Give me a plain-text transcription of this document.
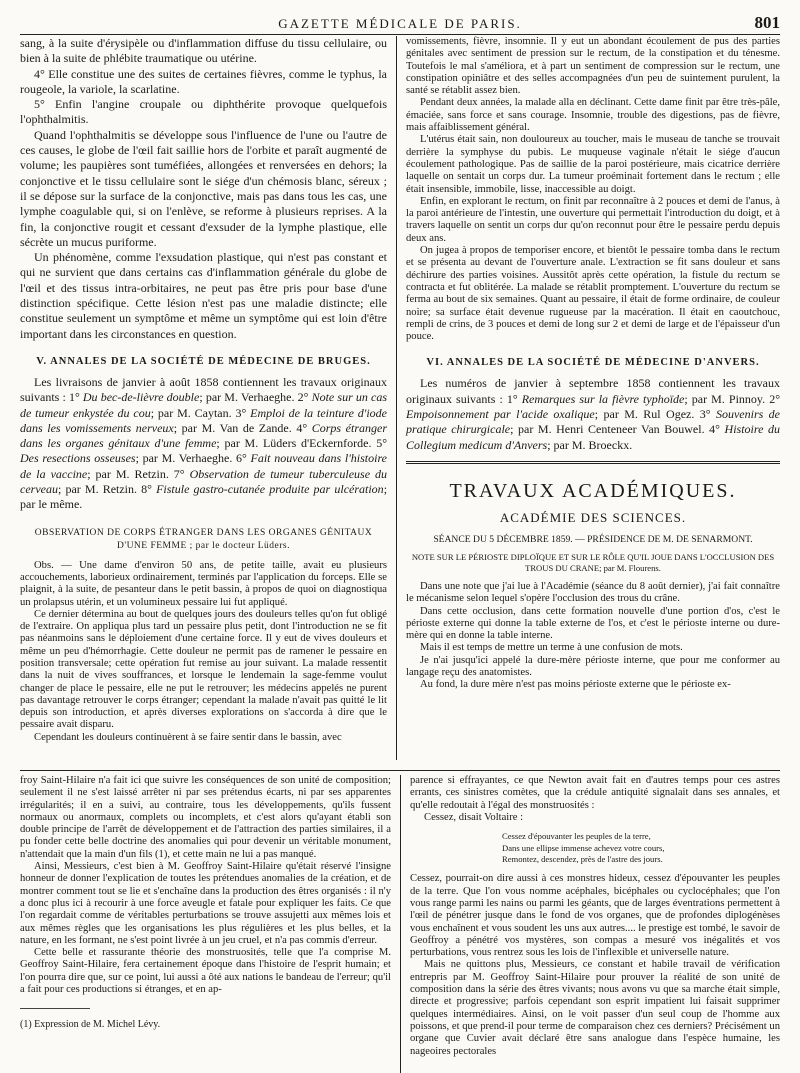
GAZETTE MÉDICALE DE PARIS.	801

sang, à la suite d'érysipèle ou d'inflammation diffuse du tissu cellulaire, ou bien à la suite de phlébite traumatique ou utérine.

4° Elle constitue une des suites de certaines fièvres, comme le typhus, la rougeole, la variole, la scarlatine.

5° Enfin l'angine croupale ou diphthérite provoque quelquefois l'ophthalmitis.

Quand l'ophthalmitis se développe sous l'influence de l'une ou l'autre de ces causes, le globe de l'œil fait saillie hors de l'orbite et paraît augmenté de volume; les paupières sont tuméfiées, allongées et renversées en dehors; la conjonctive et le tissu cellulaire sont le siége d'un chémosis blanc, séreux ; il se dépose sur la surface de la conjonctive, mais pas dans tous les cas, une lymphe coagulable qui, si on l'enlève, se reforme à plusieurs reprises. A la fin, la conjonctive rougit et cessant d'exsuder de la lymphe plastique, elle sécrète un mucus puriforme.

Un phénomène, comme l'exsudation plastique, qui n'est pas constant et qui ne survient que dans certains cas d'inflammation générale du globe de l'œil et des tissus intra-orbitaires, ne peut pas être pris pour base d'une distinction spécifique. Cette lésion n'est pas une maladie distincte; elle constitue seulement un symptôme et même un symptôme qui est loin d'être important dans les circonstances en question.

V. ANNALES DE LA SOCIÉTÉ DE MÉDECINE DE BRUGES.

Les livraisons de janvier à août 1858 contiennent les travaux originaux suivants : 1° Du bec-de-lièvre double; par M. Verhaeghe. 2° Note sur un cas de tumeur enkystée du cou; par M. Caytan. 3° Emploi de la teinture d'iode dans les vomissements nerveux; par M. Van de Zande. 4° Corps étranger dans les organes génitaux d'une femme; par M. Lüders d'Eckernforde. 5° Des resections osseuses; par M. Verhaeghe. 6° Fait nouveau dans l'histoire de la vaccine; par M. Retzin. 7° Observation de tumeur tuberculeuse du cerveau; par M. Retzin. 8° Fistule gastro-cutanée produite par ulcération; par le même.

OBSERVATION DE CORPS ÉTRANGER DANS LES ORGANES GÉNITAUX D'UNE FEMME ; par le docteur Lüders.

Obs. — Une dame d'environ 50 ans, de petite taille, avait eu plusieurs accouchements, laborieux ordinairement, terminés par l'application du forceps. Elle se plaignit, à la suite, de pesanteur dans le petit bassin, à propos de quoi on diagnostiqua un prolapsus utérin, et un volumineux pessaire lui fut appliqué.

Ce dernier détermina au bout de quelques jours des douleurs telles qu'on fut obligé de l'extraire. On appliqua plus tard un pessaire plus petit, dont l'introduction ne se fit pas néanmoins sans le déploiement d'une certaine force. Il y eut de vives douleurs et même un peu d'hémorrhagie. Cette douleur ne permit pas de ramener le pessaire en position transversale; cette opération fut remise au jour suivant. La malade ressentit dans la nuit de vives souffrances, et lorsque le lendemain la sage-femme voulut changer de place le pessaire, elle ne put le retrouver; les médecins appelés ne purent pas davantage retrouver le corps étranger; cependant la malade n'avait pas quitté le lit depuis son introduction, et après diverses explorations on s'accorda à dire que le pessaire avait disparu.

Cependant les douleurs continuèrent à se faire sentir dans le bassin, avec

vomissements, fièvre, insomnie. Il y eut un abondant écoulement de pus des parties génitales avec sentiment de pression sur le rectum, de la constipation et du ténesme. Toutefois le mal s'améliora, et à part un sentiment de compression sur le rectum, une constipation opiniâtre et des selles accompagnées d'un peu de suintement purulent, la santé se rétablit assez bien.

Pendant deux années, la malade alla en déclinant. Cette dame finit par être très-pâle, émaciée, sans force et sans courage. Insomnie, trouble des digestions, pas de fièvre, mais affaiblissement général.

L'utérus était sain, non douloureux au toucher, mais le museau de tanche se trouvait derrière la symphyse du pubis. Le muqueuse vaginale n'était le siége d'aucun écoulement pathologique. Pas de saillie de la paroi postérieure, mais cicatrice derrière laquelle on sentait un corps dur. La tumeur proéminait fortement dans le rectum ; elle était insensible, immobile, lisse, inaccessible au doigt.

Enfin, en explorant le rectum, on finit par reconnaître à 2 pouces et demi de l'anus, à la paroi antérieure de l'intestin, une ouverture qui permettait l'introduction du doigt, et à travers laquelle on sentit un corps dur qu'on reconnut pour être le pessaire perdu depuis deux ans.

On jugea à propos de temporiser encore, et bientôt le pessaire tomba dans le rectum et se présenta au devant de l'ouverture anale. L'extraction se fit sans douleur et sans déchirure des parties voisines. Aussitôt après cette opération, la fistule du rectum se contracta et fut oblitérée. La malade se rétablit promptement. L'ouverture du rectum se ferma au bout de six semaines. Quant au pessaire, il était de forme ordinaire, de couleur noire; sa surface était devenue rugueuse par la macération. Il était en caoutchouc, rempli de crins, de 3 pouces et demi de long sur 2 et demi de large et de l'épaisseur d'un pouce.

VI. ANNALES DE LA SOCIÉTÉ DE MÉDECINE D'ANVERS.

Les numéros de janvier à septembre 1858 contiennent les travaux originaux suivants : 1° Remarques sur la fièvre typhoïde; par M. Pinnoy. 2° Empoisonnement par l'acide oxalique; par M. Rul Ogez. 3° Souvenirs de pratique chirurgicale; par M. Henri Centeneer Van Bouwel. 4° Histoire du Collegium medicum d'Anvers; par M. Broeckx.

TRAVAUX ACADÉMIQUES.
ACADÉMIE DES SCIENCES.
SÉANCE DU 5 DÉCEMBRE 1859. — PRÉSIDENCE DE M. DE SENARMONT.
NOTE SUR LE PÉRIOSTE DIPLOÏQUE ET SUR LE RÔLE QU'IL JOUE DANS L'OCCLUSION DES TROUS DU CRANE; par M. Flourens.

Dans une note que j'ai lue à l'Académie (séance du 8 août dernier), j'ai fait connaître le mécanisme selon lequel s'opère l'occlusion des trous du crâne.

Dans cette occlusion, dans cette formation nouvelle d'une portion d'os, c'est le périoste externe qui donne la table externe de l'os, et c'est le périoste interne ou dure-mère qui en donne la table interne.

Mais il est temps de mettre un terme à une confusion de mots.

Je n'ai jusqu'ici appelé la dure-mère périoste interne, que pour me conformer au langage reçu des anatomistes.

Au fond, la dure mère n'est pas moins périoste externe que le périoste ex-

froy Saint-Hilaire n'a fait ici que suivre les conséquences de son unité de composition; seulement il ne s'est laissé arrêter ni par ses prétendus écarts, ni par ses apparentes irrégularités; il en a suivi, au contraire, tous les développements, qu'ils fussent normaux ou anormaux, complets ou incomplets, et c'est alors qu'ayant établi son double principe de l'arrêt de développement et de l'attraction des parties similaires, il a pu fonder cette belle doctrine des anomalies qui pour devenir un véritable monument, n'attendait que la main d'un fils (1), et cette main ne lui a pas manqué.

Ainsi, Messieurs, c'est bien à M. Geoffroy Saint-Hilaire qu'était réservé l'insigne honneur de donner l'explication de toutes les prétendues anomalies de la création, et de montrer comment tout se lie et s'enchaîne dans la production des êtres organisés : il n'y a donc plus ici à recourir à une force aveugle et fatale pour expliquer les faits. Ce que l'on regardait comme de véritables perturbations se trouve assujetti aux mêmes lois et aux mêmes règles que les organisations les plus régulières et les plus belles, et la nature, en les formant, ne s'est point livrée à un jeu cruel, et n'a pas commis d'erreur.

Cette belle et rassurante théorie des monstruosités, telle que l'a comprise M. Geoffroy Saint-Hilaire, fera certainement époque dans l'histoire de l'esprit humain; et l'on pourra dire que, sur ce point, lui aussi a ôté aux nations le bandeau de l'erreur; qu'il a fait pour ces productions si étranges, et en ap-

(1) Expression de M. Michel Lévy.

parence si effrayantes, ce que Newton avait fait en d'autres temps pour ces astres errants, ces sinistres comètes, que la crédule antiquité signalait dans ses annales, et qu'elle redoutait à l'égal des monstruosités :

Cessez, disait Voltaire :

Cessez d'épouvanter les peuples de la terre,
Dans une ellipse immense achevez votre cours,
Remontez, descendez, près de l'astre des jours.

Cessez, pourrait-on dire aussi à ces monstres hideux, cessez d'épouvanter les peuples de la terre. Que l'on vous nomme acéphales, bicéphales ou cyclocéphales; que l'on vous range parmi les nains ou parmi les géants, que de larges éventrations permettent à l'œil de pénétrer jusque dans le fond de vos organes, que de profondes diplogénèses vous enchaînent et vous soudent les uns aux autres.... le prestige est tombé, le savoir de Geoffroy a pénétré vos mystères, son compas a mesuré vos inégalités et vos perturbations, vous rentrez sous les lois de l'inflexible et universelle nature.

Mais ne quittons plus, Messieurs, ce constant et habile travail de vérification entrepris par M. Geoffroy Saint-Hilaire pour prouver la réalité de son unité de composition dans la série des êtres vivants; nous avons vu que sa marche était simple, directe et progressive; parfois cependant son esprit impatient lui faisait supprimer quelques intermédiaires. Ainsi, on le voit passer d'un seul coup de l'homme aux poissons, et que prend-il pour terme de comparaison chez ces derniers? Précisément un organe que Cuvier avait déclaré être sans analogue dans l'espèce humaine, les nageoires pectorales
